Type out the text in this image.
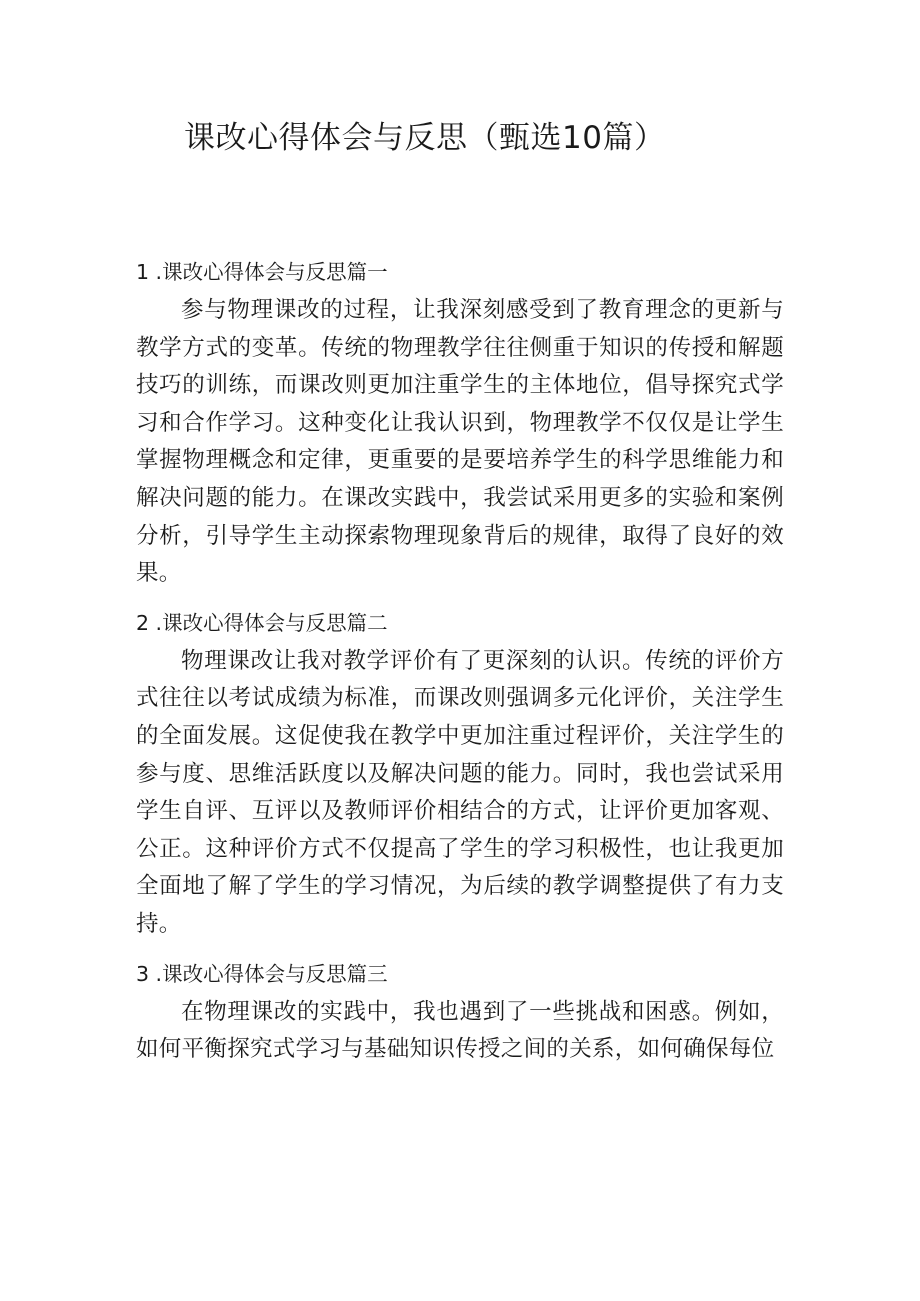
课改心得体会与反思（甄选10篇）

1 .课改心得体会与反思篇一

参与物理课改的过程，让我深刻感受到了教育理念的更新与教学方式的变革。传统的物理教学往往侧重于知识的传授和解题技巧的训练，而课改则更加注重学生的主体地位，倡导探究式学习和合作学习。这种变化让我认识到，物理教学不仅仅是让学生掌握物理概念和定律，更重要的是要培养学生的科学思维能力和解决问题的能力。在课改实践中，我尝试采用更多的实验和案例分析，引导学生主动探索物理现象背后的规律，取得了良好的效果。

2 .课改心得体会与反思篇二

物理课改让我对教学评价有了更深刻的认识。传统的评价方式往往以考试成绩为标准，而课改则强调多元化评价，关注学生的全面发展。这促使我在教学中更加注重过程评价，关注学生的参与度、思维活跃度以及解决问题的能力。同时，我也尝试采用学生自评、互评以及教师评价相结合的方式，让评价更加客观、公正。这种评价方式不仅提高了学生的学习积极性，也让我更加全面地了解了学生的学习情况，为后续的教学调整提供了有力支持。

3 .课改心得体会与反思篇三

在物理课改的实践中，我也遇到了一些挑战和困惑。例如，如何平衡探究式学习与基础知识传授之间的关系，如何确保每位
